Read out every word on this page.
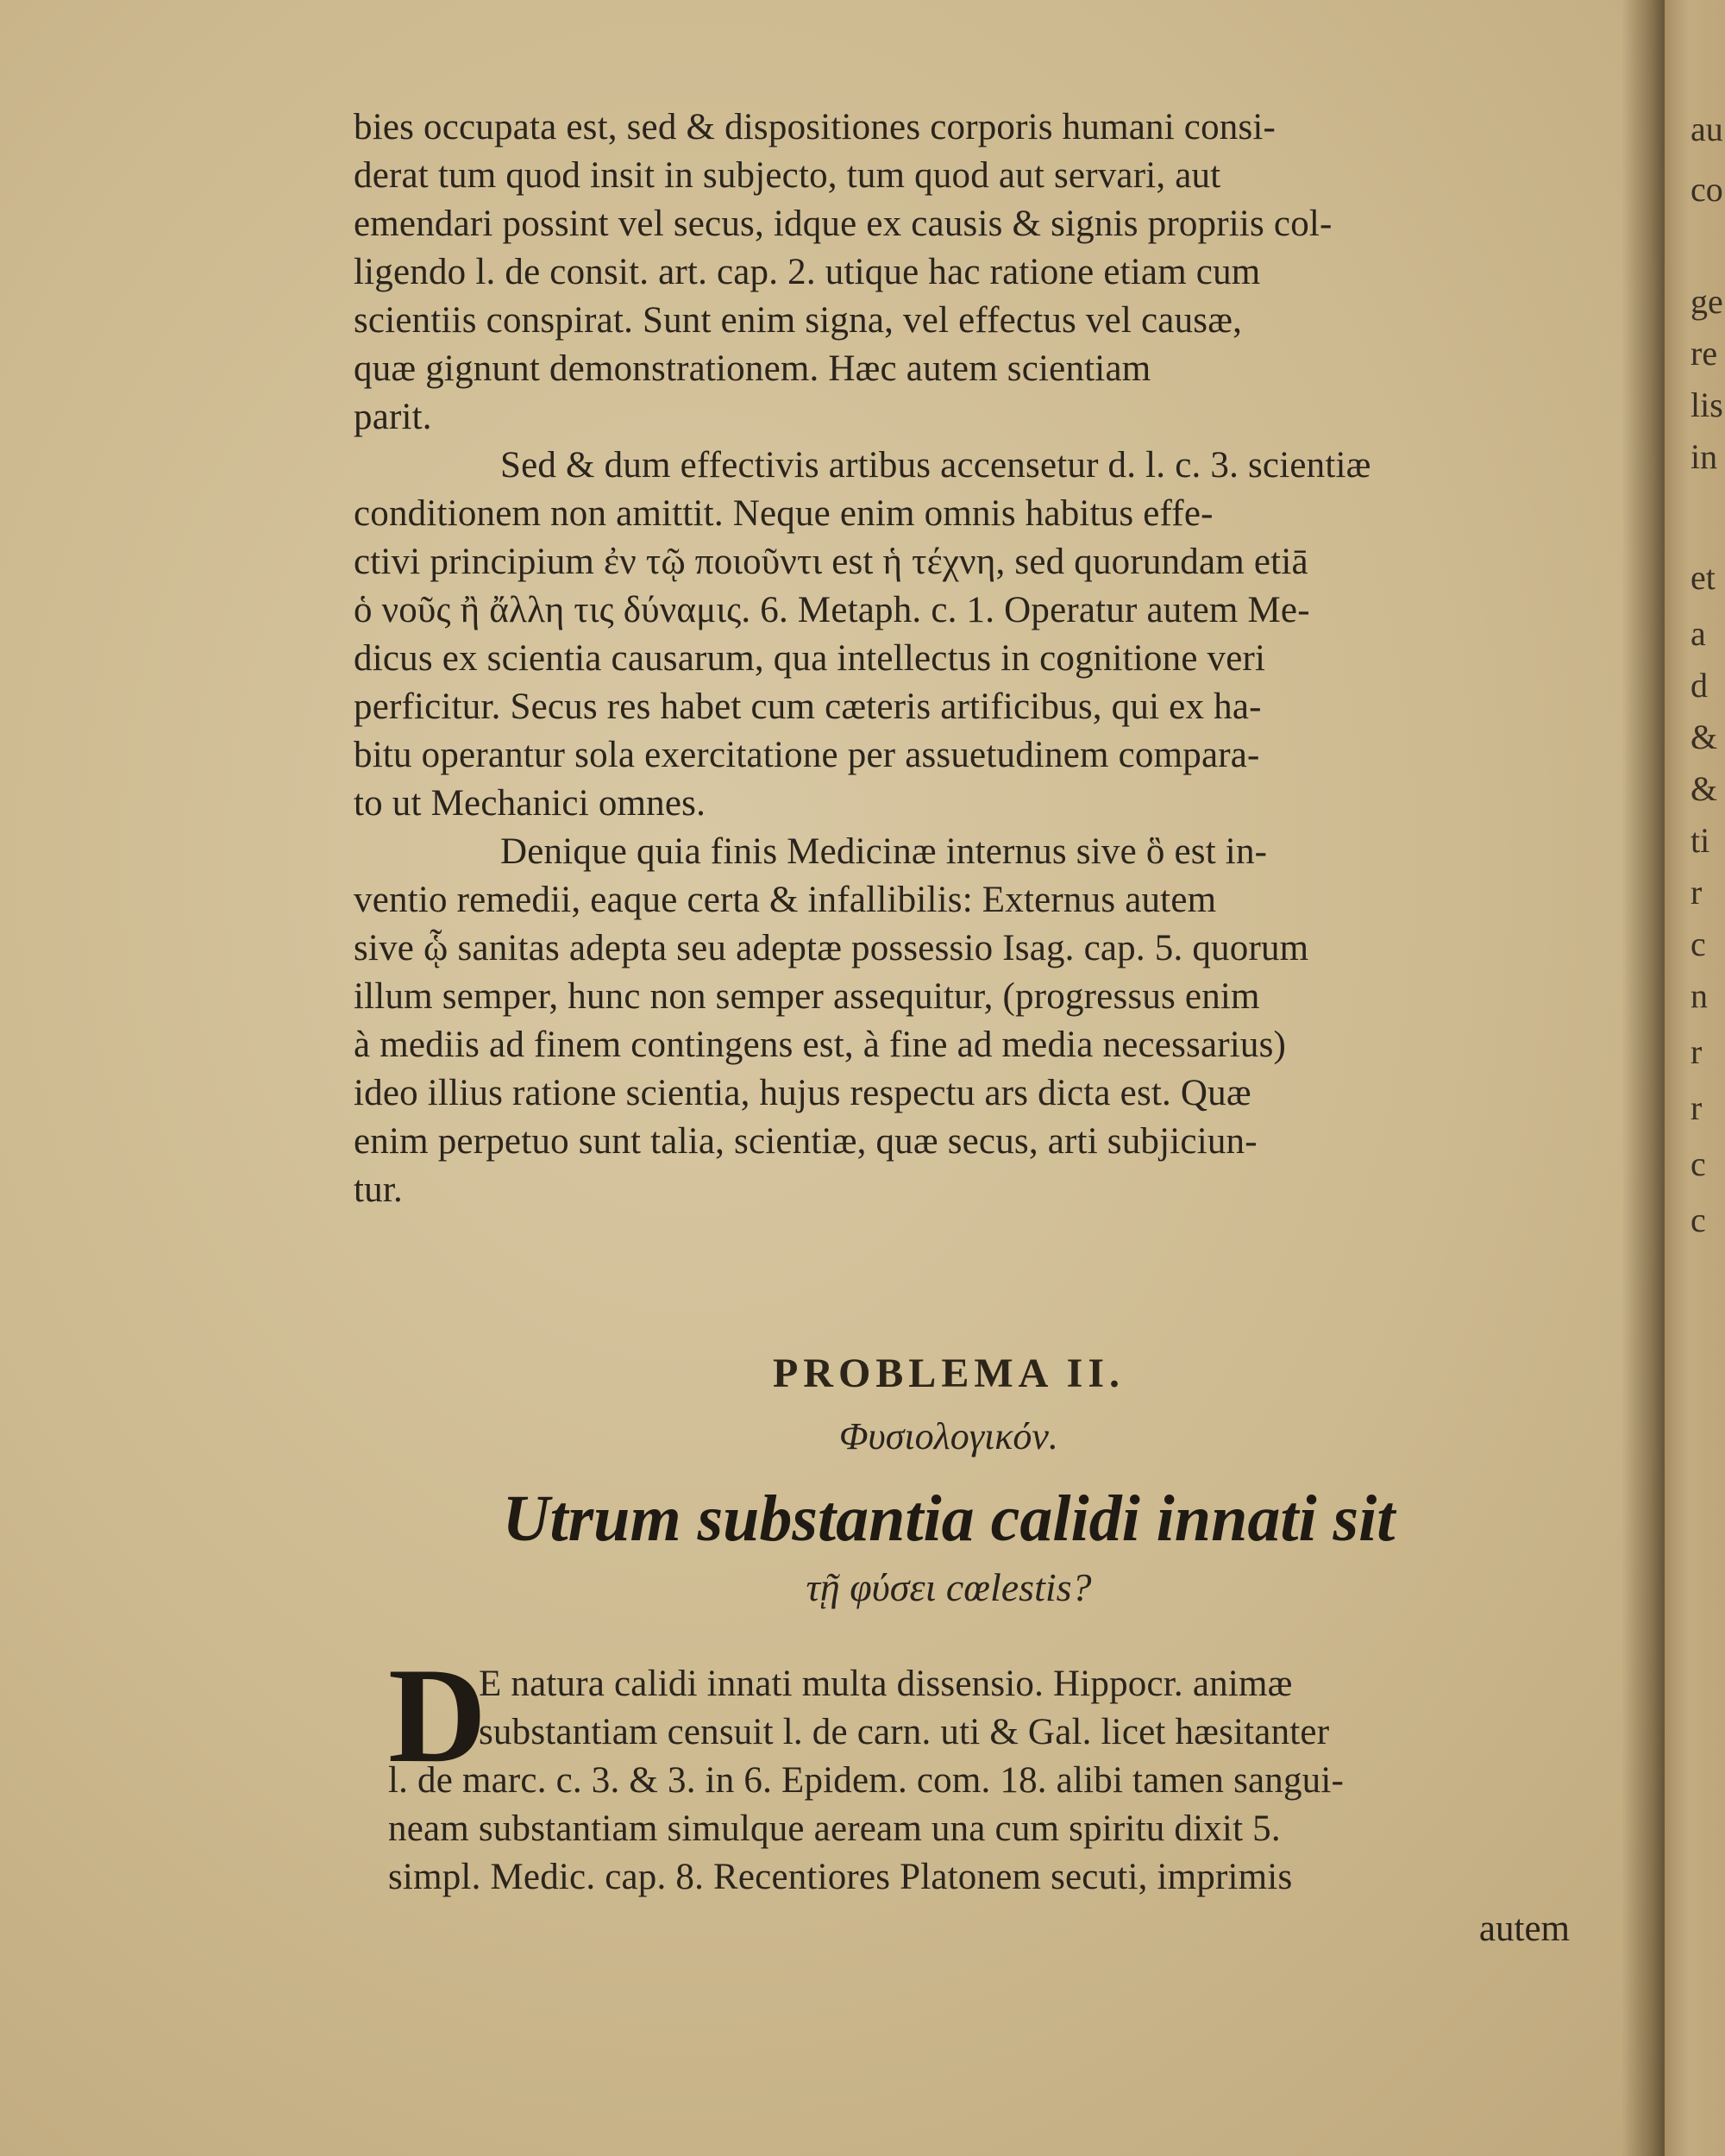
bies occupata est, sed & dispositiones corporis humani consi-
derat tum quod insit in subjecto, tum quod aut servari, aut
emendari possint vel secus, idque ex causis & signis propriis col-
ligendo l. de consit. art. cap. 2. utique hac ratione etiam cum
scientiis conspirat. Sunt enim signa, vel effectus vel causæ,
quæ gignunt demonstrationem. Hæc autem scientiam
parit.
Sed & dum effectivis artibus accensetur d. l. c. 3. scientiæ
conditionem non amittit. Neque enim omnis habitus effe-
ctivi principium ἐν τῷ ποιοῦντι est ἡ τέχνη, sed quorundam etiā
ὁ νοῦς ἢ ἄλλη τις δύναμις. 6. Metaph. c. 1. Operatur autem Me-
dicus ex scientia causarum, qua intellectus in cognitione veri
perficitur. Secus res habet cum cæteris artificibus, qui ex ha-
bitu operantur sola exercitatione per assuetudinem compara-
to ut Mechanici omnes.
Denique quia finis Medicinæ internus sive ὃ est in-
ventio remedii, eaque certa & infallibilis: Externus autem
sive ᾧ sanitas adepta seu adeptæ possessio Isag. cap. 5. quorum
illum semper, hunc non semper assequitur, (progressus enim
à mediis ad finem contingens est, à fine ad media necessarius)
ideo illius ratione scientia, hujus respectu ars dicta est. Quæ
enim perpetuo sunt talia, scientiæ, quæ secus, arti subjiciun-
tur.
PROBLEMA II.
Φυσιολογικόν.
Utrum substantia calidi innati sit
τῇ φύσει cœlestis?
D
E natura calidi innati multa dissensio. Hippocr. animæ
substantiam censuit l. de carn. uti & Gal. licet hæsitanter
l. de marc. c. 3. & 3. in 6. Epidem. com. 18. alibi tamen sangui-
neam substantiam simulque aeream una cum spiritu dixit 5.
simpl. Medic. cap. 8. Recentiores Platonem secuti, imprimis
autem
au
co
ge
re
lis
in
et
a
d
&
&
ti
r
c
n
r
r
c
c
